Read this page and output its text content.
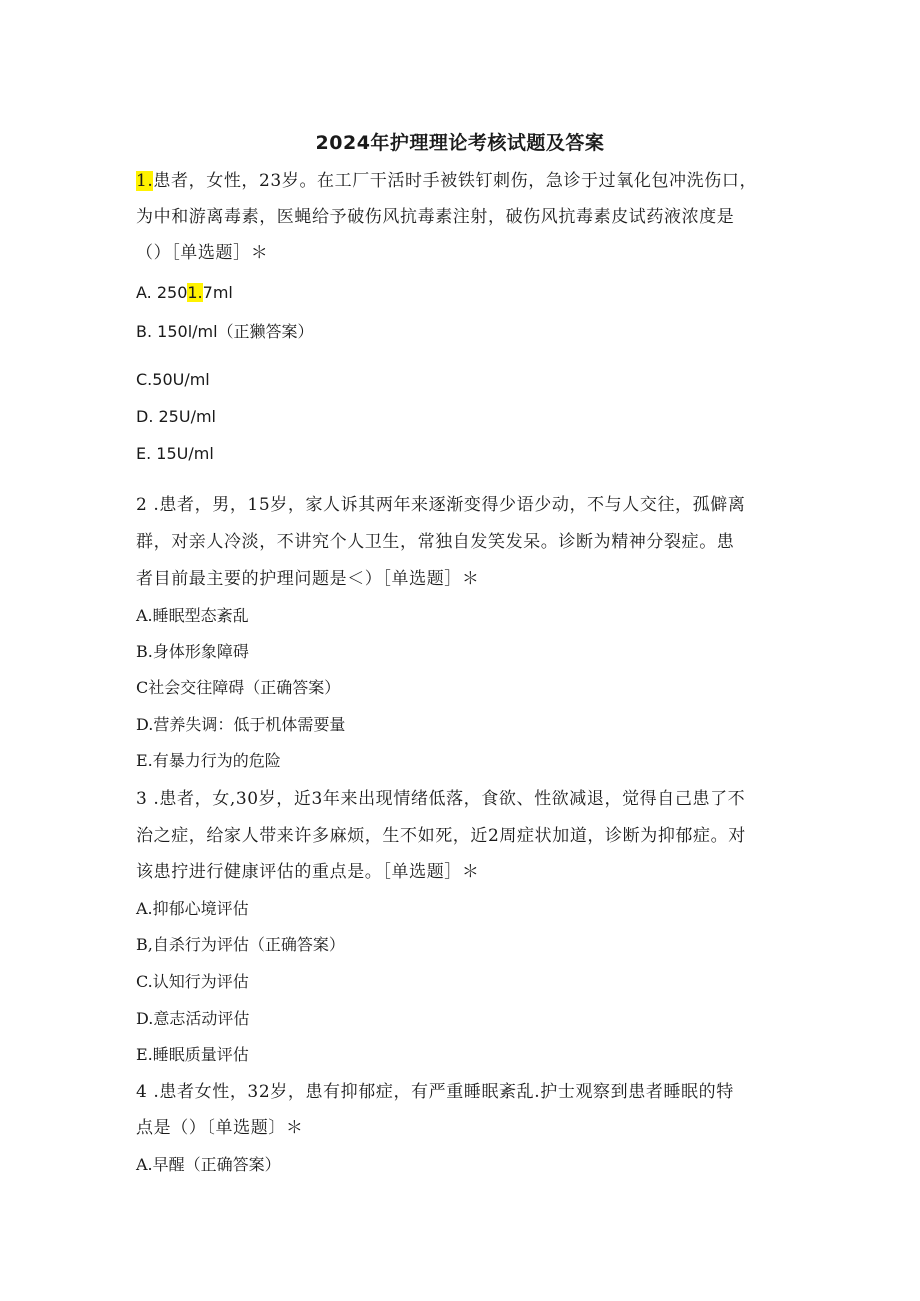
2024年护理理论考核试题及答案
1.患者，女性，23岁。在工厂干活时手被铁钉刺伤，急诊于过氧化包冲洗伤口，
为中和游离毒素，医蝇给予破伤风抗毒素注射，破伤风抗毒素皮试药液浓度是
（）［单选题］＊
A. 2501.7ml
B. 150l∕ml（正獭答案）
C.50U∕ml
D. 25U∕ml
E. 15U∕ml
2 .患者，男，15岁，家人诉其两年来逐渐变得少语少动，不与人交往，孤僻离
群，对亲人冷淡，不讲究个人卫生，常独自发笑发呆。诊断为精神分裂症。患
者目前最主要的护理问题是＜）［单选题］＊
A.睡眠型态紊乱
B.身体形象障碍
C社会交往障碍（正确答案）
D.营养失调：低于机体需要量
E.有暴力行为的危险
3 .患者，女,30岁，近3年来出现情绪低落，食欲、性欲减退，觉得自己患了不
治之症，给家人带来许多麻烦，生不如死，近2周症状加道，诊断为抑郁症。对
该患拧进行健康评估的重点是。［单选题］＊
A.抑郁心境评估
B,自杀行为评估（正确答案）
C.认知行为评估
D.意志活动评估
E.睡眠质量评估
4 .患者女性，32岁，患有抑郁症，有严重睡眠紊乱.护士观察到患者睡眠的特
点是（）〔单选题〕＊
A.早醒（正确答案）
